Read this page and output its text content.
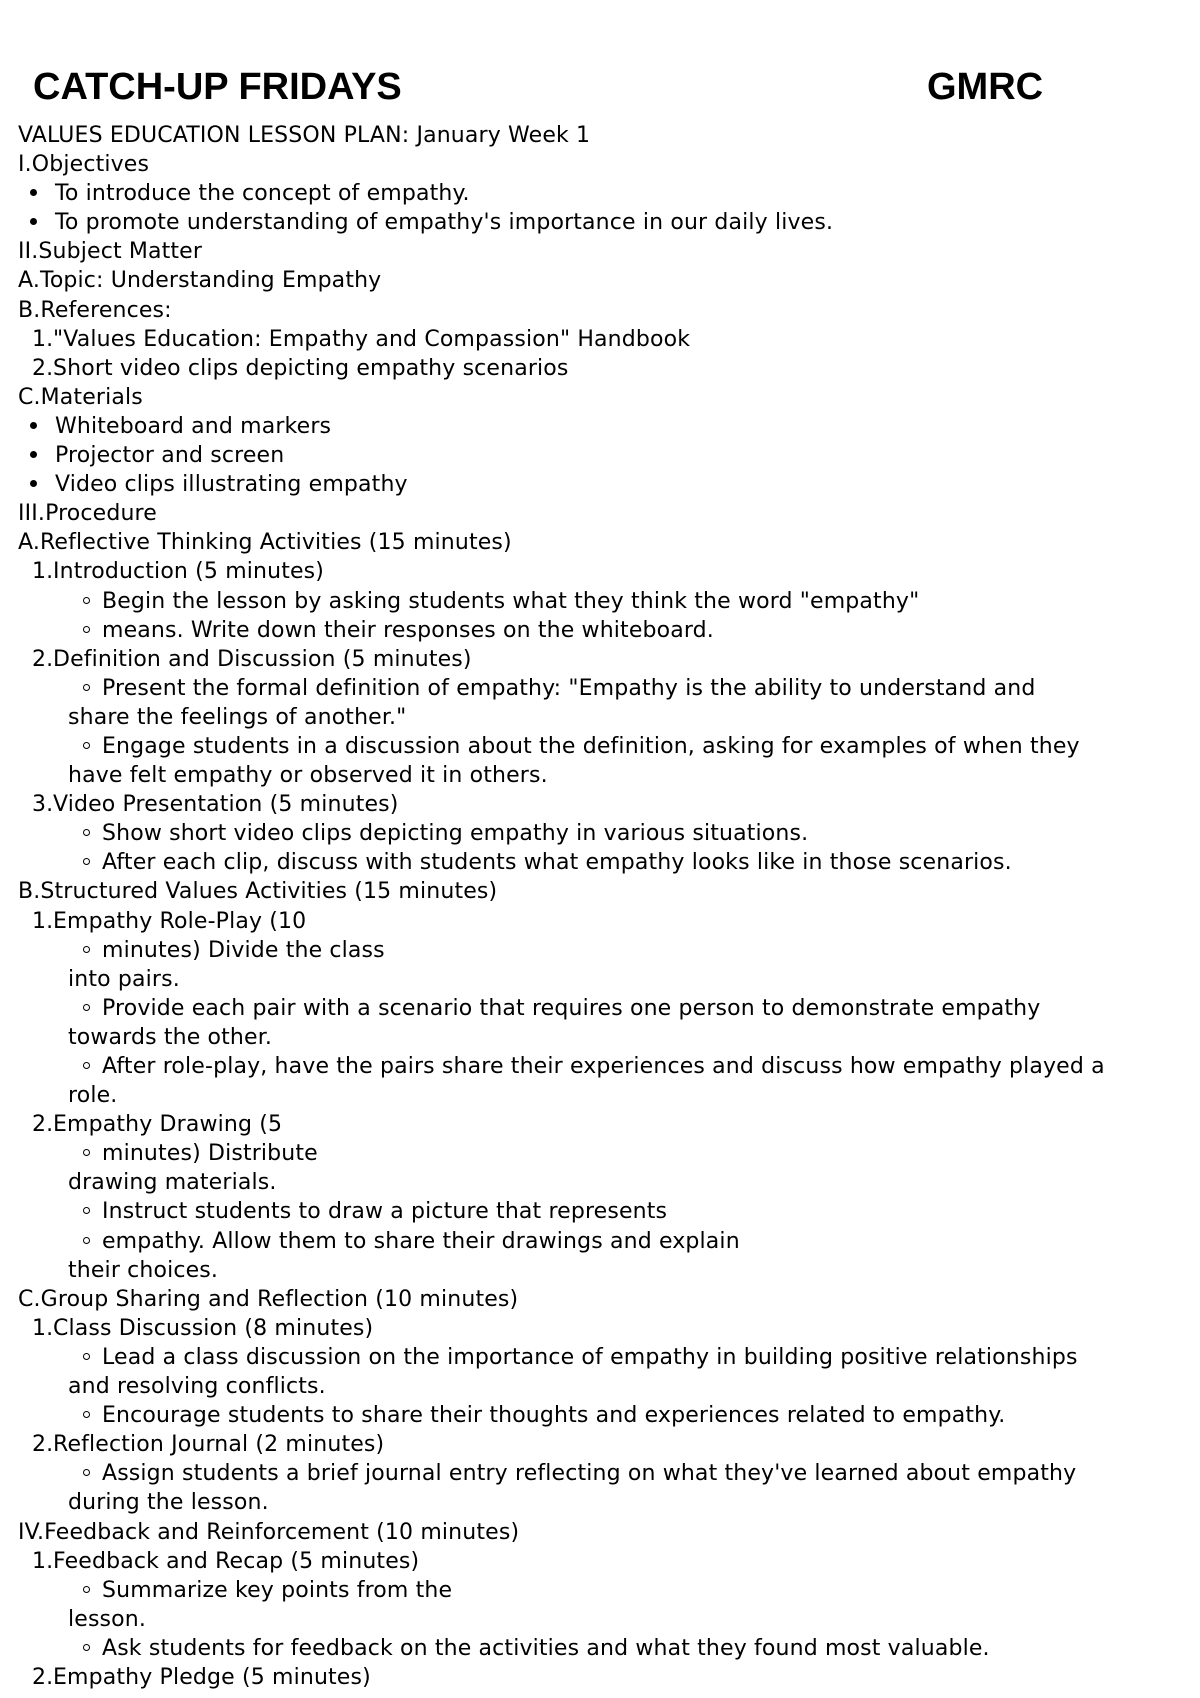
CATCH-UP FRIDAYS	GMRC
VALUES EDUCATION LESSON PLAN: January Week 1
I.Objectives
To introduce the concept of empathy.
To promote understanding of empathy's importance in our daily lives.
II.Subject Matter
A.Topic: Understanding Empathy
B.References:
1."Values Education: Empathy and Compassion" Handbook
2.Short video clips depicting empathy scenarios
C.Materials
Whiteboard and markers
Projector and screen
Video clips illustrating empathy
III.Procedure
A.Reflective Thinking Activities (15 minutes)
1.Introduction (5 minutes)
Begin the lesson by asking students what they think the word "empathy"
means. Write down their responses on the whiteboard.
2.Definition and Discussion (5 minutes)
Present the formal definition of empathy: "Empathy is the ability to understand and
share the feelings of another."
Engage students in a discussion about the definition, asking for examples of when they
have felt empathy or observed it in others.
3.Video Presentation (5 minutes)
Show short video clips depicting empathy in various situations.
After each clip, discuss with students what empathy looks like in those scenarios.
B.Structured Values Activities (15 minutes)
1.Empathy Role-Play (10
minutes) Divide the class
into pairs.
Provide each pair with a scenario that requires one person to demonstrate empathy
towards the other.
After role-play, have the pairs share their experiences and discuss how empathy played a
role.
2.Empathy Drawing (5
minutes) Distribute
drawing materials.
Instruct students to draw a picture that represents
empathy. Allow them to share their drawings and explain
their choices.
C.Group Sharing and Reflection (10 minutes)
1.Class Discussion (8 minutes)
Lead a class discussion on the importance of empathy in building positive relationships
and resolving conflicts.
Encourage students to share their thoughts and experiences related to empathy.
2.Reflection Journal (2 minutes)
Assign students a brief journal entry reflecting on what they've learned about empathy
during the lesson.
IV.Feedback and Reinforcement (10 minutes)
1.Feedback and Recap (5 minutes)
Summarize key points from the
lesson.
Ask students for feedback on the activities and what they found most valuable.
2.Empathy Pledge (5 minutes)
